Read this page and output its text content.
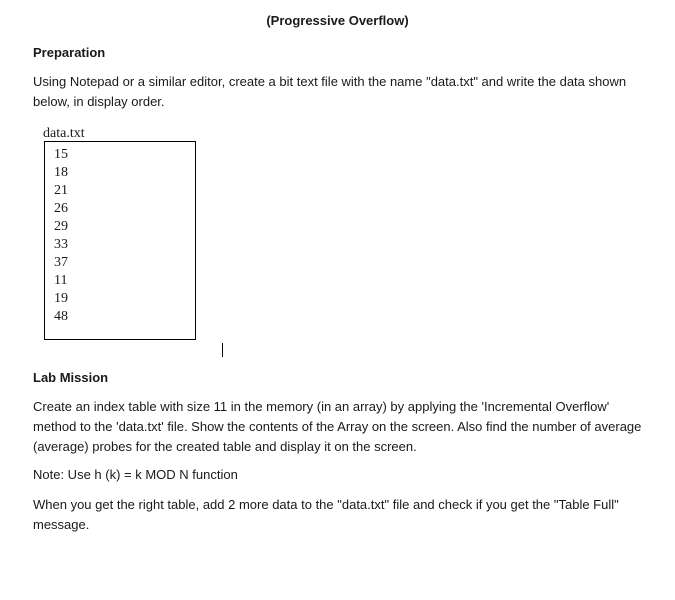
(Progressive Overflow)
Preparation
Using Notepad or a similar editor, create a bit text file with the name "data.txt" and write the data shown below, in display order.
data.txt
15
18
21
26
29
33
37
11
19
48
Lab Mission
Create an index table with size 11 in the memory (in an array) by applying the 'Incremental Overflow' method to the 'data.txt' file. Show the contents of the Array on the screen. Also find the number of average (average) probes for the created table and display it on the screen.
Note: Use h (k) = k MOD N function
When you get the right table, add 2 more data to the "data.txt" file and check if you get the "Table Full" message.
